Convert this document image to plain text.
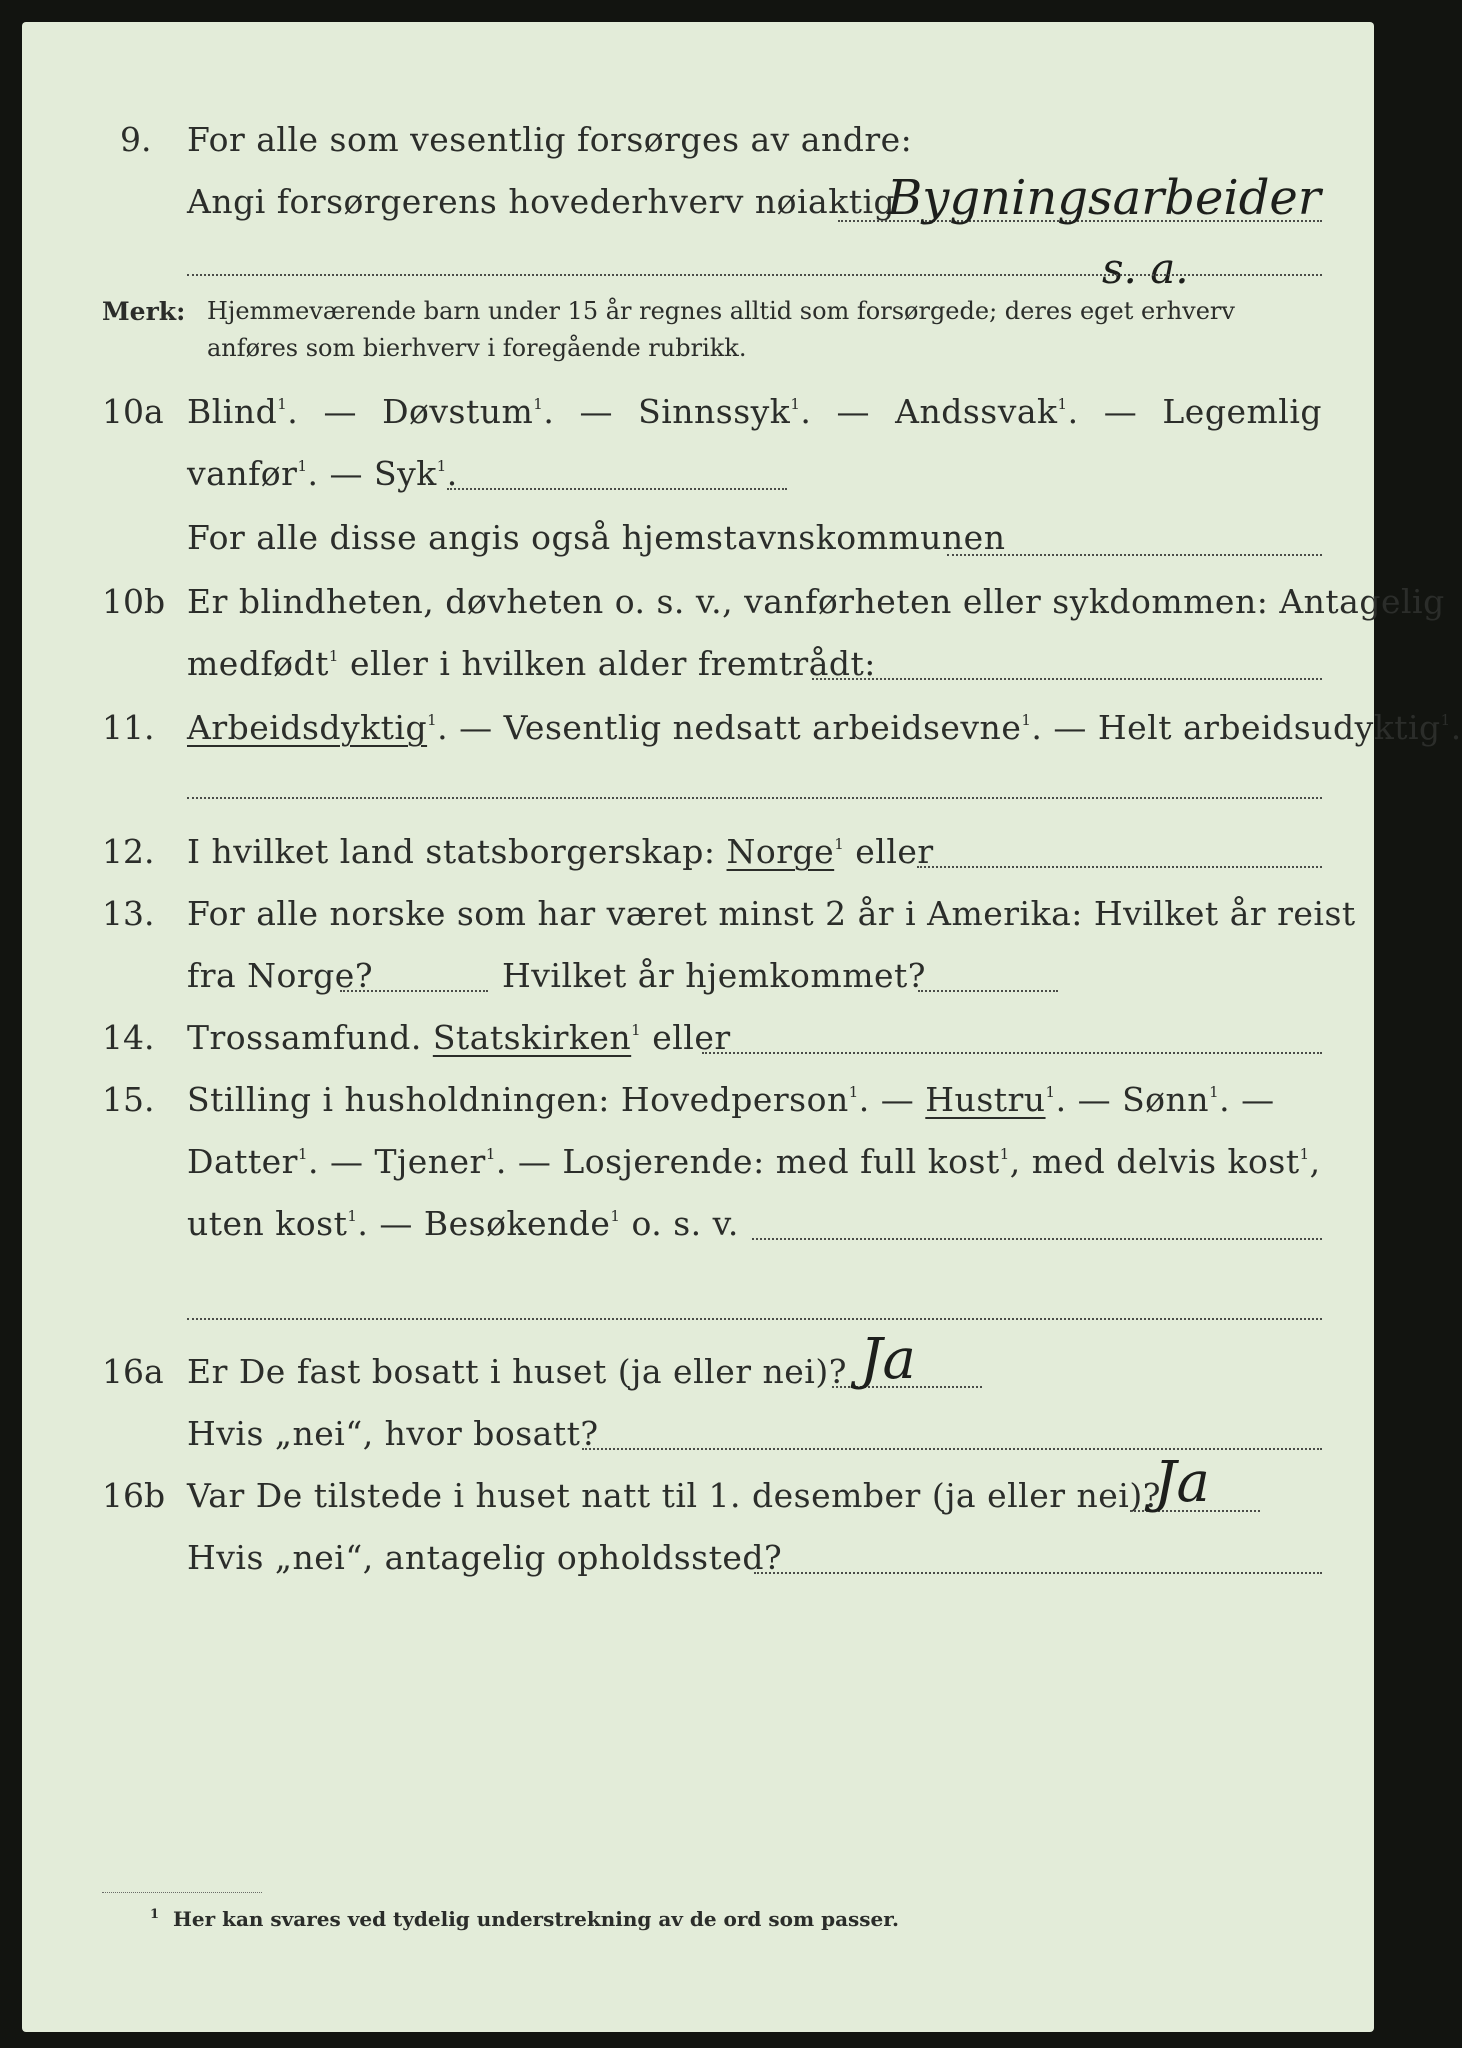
9. For alle som vesentlig forsørges av andre:
Angi forsørgerens hovederhverv nøiaktig
Bygningsarbeider
s. a.
Merk: Hjemmeværende barn under 15 år regnes alltid som forsørgede; deres eget erhverv
anføres som bierhverv i foregående rubrikk.
10a Blind$^1$. — Døvstum$^1$. — Sinnssyk$^1$. — Andssvak$^1$. — Legemlig
vanfør$^1$. — Syk$^1$.
For alle disse angis også hjemstavnskommunen
10b Er blindheten, døvheten o. s. v., vanførheten eller sykdommen: Antagelig
medfødt$^1$ eller i hvilken alder fremtrådt:
11. Arbeidsdyktig$^1$. — Vesentlig nedsatt arbeidsevne$^1$. — Helt arbeidsudyktig$^1$.
12. I hvilket land statsborgerskap: Norge$^1$ eller
13. For alle norske som har været minst 2 år i Amerika: Hvilket år reist
fra Norge?	Hvilket år hjemkommet?
14. Trossamfund. Statskirken$^1$ eller
15. Stilling i husholdningen: Hovedperson$^1$. — Hustru$^1$. — Sønn$^1$. —
Datter$^1$. — Tjener$^1$. — Losjerende: med full kost$^1$, med delvis kost$^1$,
uten kost$^1$. — Besøkende$^1$ o. s. v.
16a Er De fast bosatt i huset (ja eller nei)? Ja
Hvis „nei“, hvor bosatt?
16b Var De tilstede i huset natt til 1. desember (ja eller nei)?
Ja
Hvis „nei“, antagelig opholdssted?
$^1$ Her kan svares ved tydelig understrekning av de ord som passer.
